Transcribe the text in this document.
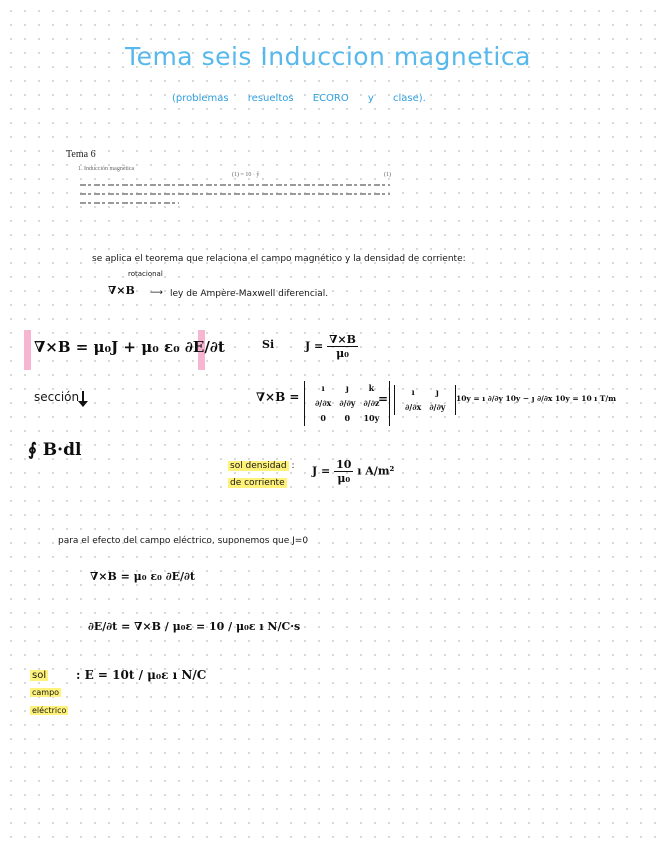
Tema seis Induccion magnetica
(problemas resueltos ECORO y clase).
Tema 6
1. Inducción magnética
(1) = 10 · ŷ	(1)
se aplica el teorema que relaciona el campo magnético y la densidad de corriente:
rotacional
∇×B ⟶ ley de Ampère-Maxwell diferencial.
∇×B = μ₀J + μ₀ ε₀ ∂E/∂t	Si	$J = \frac{\nabla\times B}{\text{μ₀}}$
sección
∮ B·dl
∇×B =
ı	ȷ	k
∂/∂x	∂/∂y	∂/∂z
0	0	10y
=	ı	ȷ
∂/∂x	∂/∂y
10y = ı ∂/∂y 10y − ȷ ∂/∂x 10y = 10 ı T/m
sol densidad :
de corriente
$J = \frac{10}{\text{μ₀}}$ ı A/m²
para el efecto del campo eléctrico, suponemos que J=0
∇×B = μ₀ ε₀ ∂E/∂t
∂E/∂t = ∇×B / μ₀ε = 10 / μ₀ε ı N/C·s
sol
campo
eléctrico
: E = 10t / μ₀ε ı N/C
